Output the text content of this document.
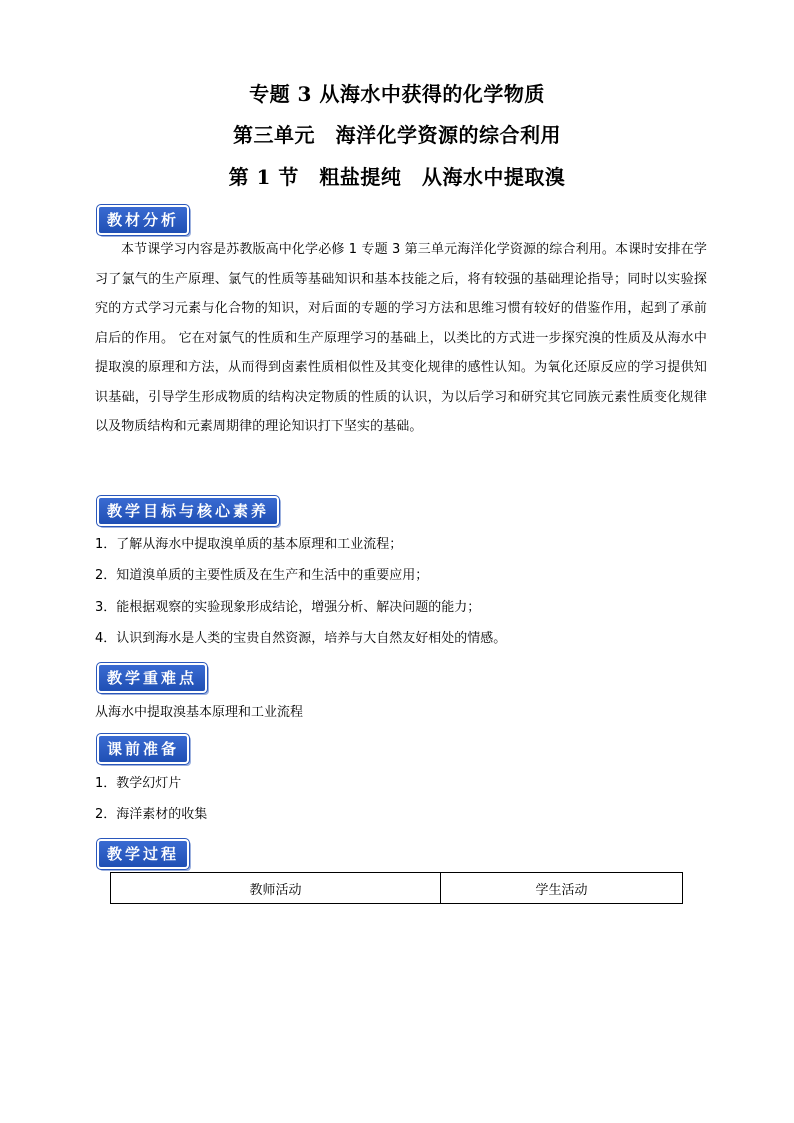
专题 3 从海水中获得的化学物质
第三单元　海洋化学资源的综合利用
第 1 节　粗盐提纯　从海水中提取溴
教材分析
本节课学习内容是苏教版高中化学必修 1 专题 3 第三单元海洋化学资源的综合利用。本课时安排在学习了氯气的生产原理、氯气的性质等基础知识和基本技能之后，将有较强的基础理论指导；同时以实验探究的方式学习元素与化合物的知识，对后面的专题的学习方法和思维习惯有较好的借鉴作用，起到了承前启后的作用。 它在对氯气的性质和生产原理学习的基础上，以类比的方式进一步探究溴的性质及从海水中提取溴的原理和方法，从而得到卤素性质相似性及其变化规律的感性认知。为氧化还原反应的学习提供知识基础，引导学生形成物质的结构决定物质的性质的认识，为以后学习和研究其它同族元素性质变化规律以及物质结构和元素周期律的理论知识打下坚实的基础。
教学目标与核心素养
1．了解从海水中提取溴单质的基本原理和工业流程；
2．知道溴单质的主要性质及在生产和生活中的重要应用；
3．能根据观察的实验现象形成结论，增强分析、解决问题的能力；
4．认识到海水是人类的宝贵自然资源，培养与大自然友好相处的情感。
教学重难点
从海水中提取溴基本原理和工业流程
课前准备
1．教学幻灯片
2．海洋素材的收集
教学过程
教师活动	学生活动
